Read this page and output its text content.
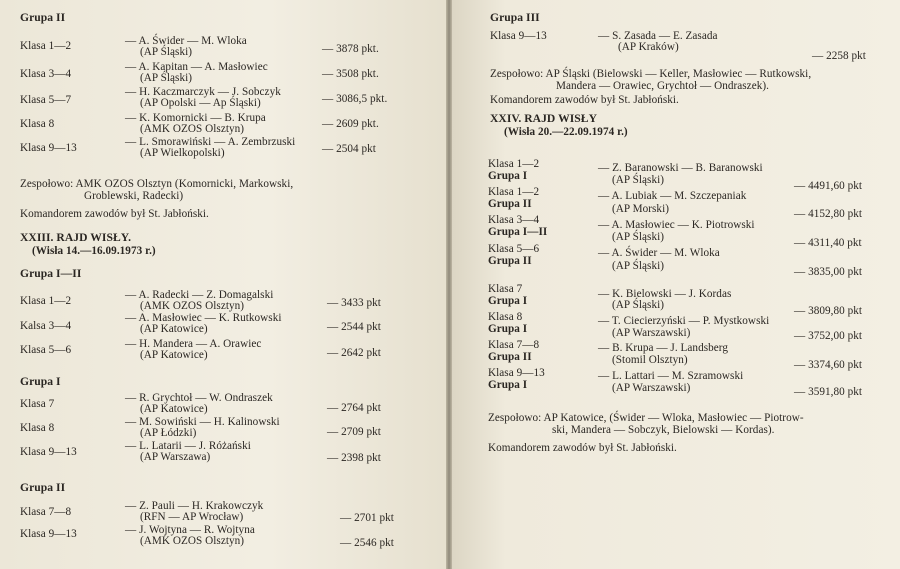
Grupa II
Klasa 1—2	— A. Świder — M. Wloka
(AP Śląski)	— 3878 pkt.
Klasa 3—4
— A. Kapitan — A. Masłowiec
(AP Śląski)	— 3508 pkt.
Klasa 5—7
— H. Kaczmarczyk — J. Sobczyk
(AP Opolski — Ap Śląski)	— 3086,5 pkt.
Klasa 8	— K. Komornicki — B. Krupa
(AMK OZOS Olsztyn)	— 2609 pkt.
Klasa 9—13	— L. Smorawiński — A. Zembrzuski
(AP Wielkopolski)	— 2504 pkt
Zespołowo: AMK OZOS Olsztyn (Komornicki, Markowski,
Groblewski, Radecki)
Komandorem zawodów był St. Jabłoński.
XXIII. RAJD WISŁY.
(Wisła 14.—16.09.1973 r.)
Grupa I—II
Klasa 1—2	— A. Radecki — Z. Domagalski
(AMK OZOS Olsztyn)	— 3433 pkt
Kalsa 3—4
— A. Masłowiec — K. Rutkowski
(AP Katowice)	— 2544 pkt
Klasa 5—6	— H. Mandera — A. Orawiec
(AP Katowice)	— 2642 pkt
Grupa I
Klasa 7	— R. Grychtoł — W. Ondraszek
(AP Katowice)	— 2764 pkt
Klasa 8	— M. Sowiński — H. Kalinowski
(AP Łódzki)	— 2709 pkt
Klasa 9—13	— L. Latarii — J. Różański
(AP Warszawa)	— 2398 pkt
Grupa II
Klasa 7—8	— Z. Pauli — H. Krakowczyk
(RFN — AP Wrocław)	— 2701 pkt
Klasa 9—13	— J. Wojtyna — R. Wojtyna
(AMK OZOS Olsztyn)	— 2546 pkt
Grupa III
Klasa 9—13	— S. Zasada — E. Zasada
(AP Kraków)
— 2258 pkt
Zespołowo: AP Śląski (Bielowski — Keller, Masłowiec — Rutkowski,
Mandera — Orawiec, Grychtoł — Ondraszek).
Komandorem zawodów był St. Jabłoński.
XXIV. RAJD WISŁY
(Wisła 20.—22.09.1974 r.)
Klasa 1—2
Grupa I
— Z. Baranowski — B. Baranowski
(AP Śląski)	— 4491,60 pkt
Klasa 1—2
Grupa II
— A. Lubiak — M. Szczepaniak
(AP Morski)	— 4152,80 pkt
Klasa 3—4
Grupa I—II
— A. Masłowiec — K. Piotrowski
(AP Śląski)	— 4311,40 pkt
Klasa 5—6
Grupa II
— A. Świder — M. Wloka
(AP Śląski)	— 3835,00 pkt
Klasa 7
Grupa I
— K. Bielowski — J. Kordas
(AP Śląski)	— 3809,80 pkt
Klasa 8
Grupa I
— T. Ciecierzyński — P. Mystkowski
(AP Warszawski)	— 3752,00 pkt
Klasa 7—8
Grupa II
— B. Krupa — J. Landsberg
(Stomil Olsztyn)	— 3374,60 pkt
Klasa 9—13
Grupa I
— L. Lattari — M. Szramowski
(AP Warszawski)	— 3591,80 pkt
Zespołowo: AP Katowice, (Świder — Wloka, Masłowiec — Piotrow-
ski, Mandera — Sobczyk, Bielowski — Kordas).
Komandorem zawodów był St. Jabłoński.
